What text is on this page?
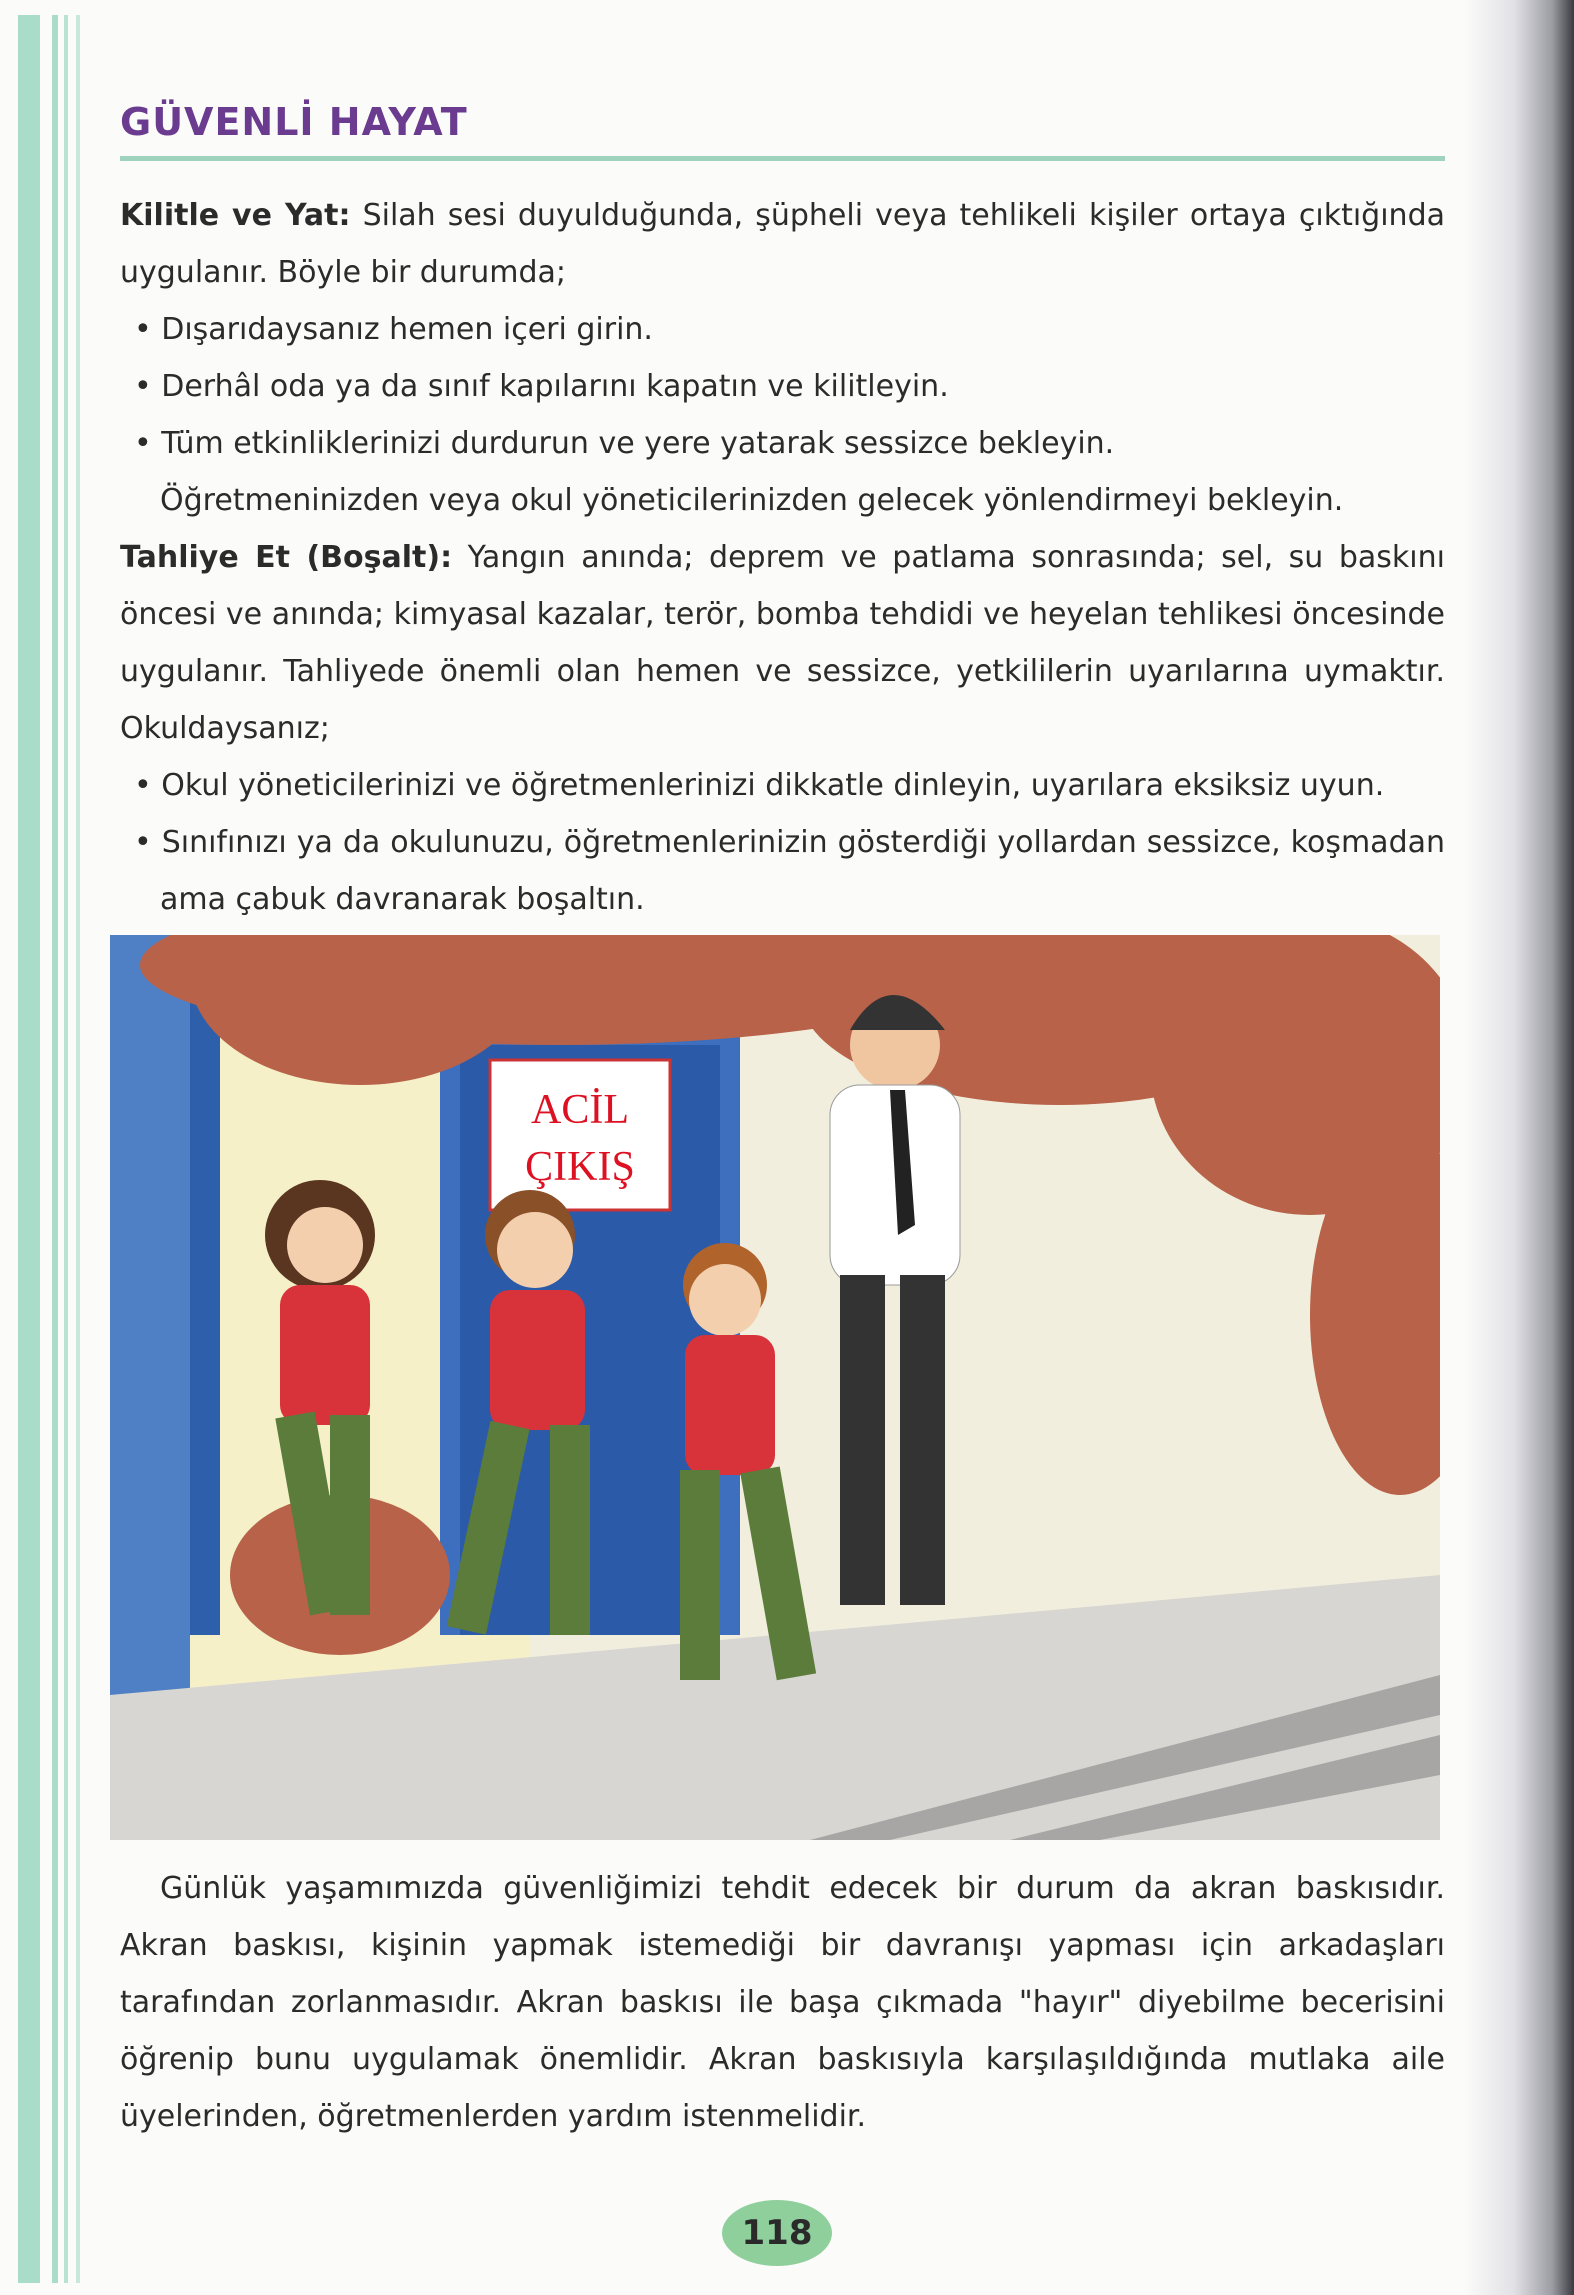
GÜVENLİ HAYAT

Kilitle ve Yat: Silah sesi duyulduğunda, şüpheli veya tehlikeli kişiler ortaya çıktığında uygulanır. Böyle bir durumda;

• Dışarıdaysanız hemen içeri girin.

• Derhâl oda ya da sınıf kapılarını kapatın ve kilitleyin.

• Tüm etkinliklerinizi durdurun ve yere yatarak sessizce bekleyin.

Öğretmeninizden veya okul yöneticilerinizden gelecek yönlendirmeyi bekleyin.

Tahliye Et (Boşalt): Yangın anında; deprem ve patlama sonrasında; sel, su baskını öncesi ve anında; kimyasal kazalar, terör, bomba tehdidi ve heyelan tehlikesi öncesinde uygulanır. Tahliyede önemli olan hemen ve sessizce, yetkililerin uyarılarına uymaktır. Okuldaysanız;

• Okul yöneticilerinizi ve öğretmenlerinizi dikkatle dinleyin, uyarılara eksiksiz uyun.

• Sınıfınızı ya da okulunuzu, öğretmenlerinizin gösterdiği yollardan sessizce, koşmadan ama çabuk davranarak boşaltın.

ACİL
ÇIKIŞ

Günlük yaşamımızda güvenliğimizi tehdit edecek bir durum da akran baskısıdır. Akran baskısı, kişinin yapmak istemediği bir davranışı yapması için arkadaşları tarafından zorlanmasıdır. Akran baskısı ile başa çıkmada "hayır" diyebilme becerisini öğrenip bunu uygulamak önemlidir. Akran baskısıyla karşılaşıldığında mutlaka aile üyelerinden, öğretmenlerden yardım istenmelidir.

118
